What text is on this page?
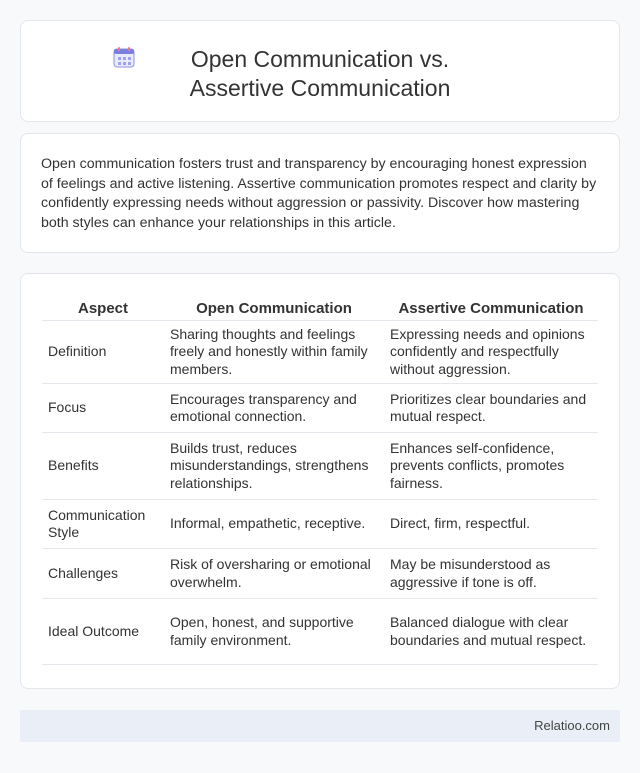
Open Communication vs. Assertive Communication

Open communication fosters trust and transparency by encouraging honest expression of feelings and active listening. Assertive communication promotes respect and clarity by confidently expressing needs without aggression or passivity. Discover how mastering both styles can enhance your relationships in this article.

Aspect	Open Communication	Assertive Communication
Definition	Sharing thoughts and feelings freely and honestly within family members.	Expressing needs and opinions confidently and respectfully without aggression.
Focus	Encourages transparency and emotional connection.	Prioritizes clear boundaries and mutual respect.
Benefits	Builds trust, reduces misunderstandings, strengthens relationships.	Enhances self-confidence, prevents conflicts, promotes fairness.
Communication Style	Informal, empathetic, receptive.	Direct, firm, respectful.
Challenges	Risk of oversharing or emotional overwhelm.	May be misunderstood as aggressive if tone is off.
Ideal Outcome	Open, honest, and supportive family environment.	Balanced dialogue with clear boundaries and mutual respect.
Relatioo.com
